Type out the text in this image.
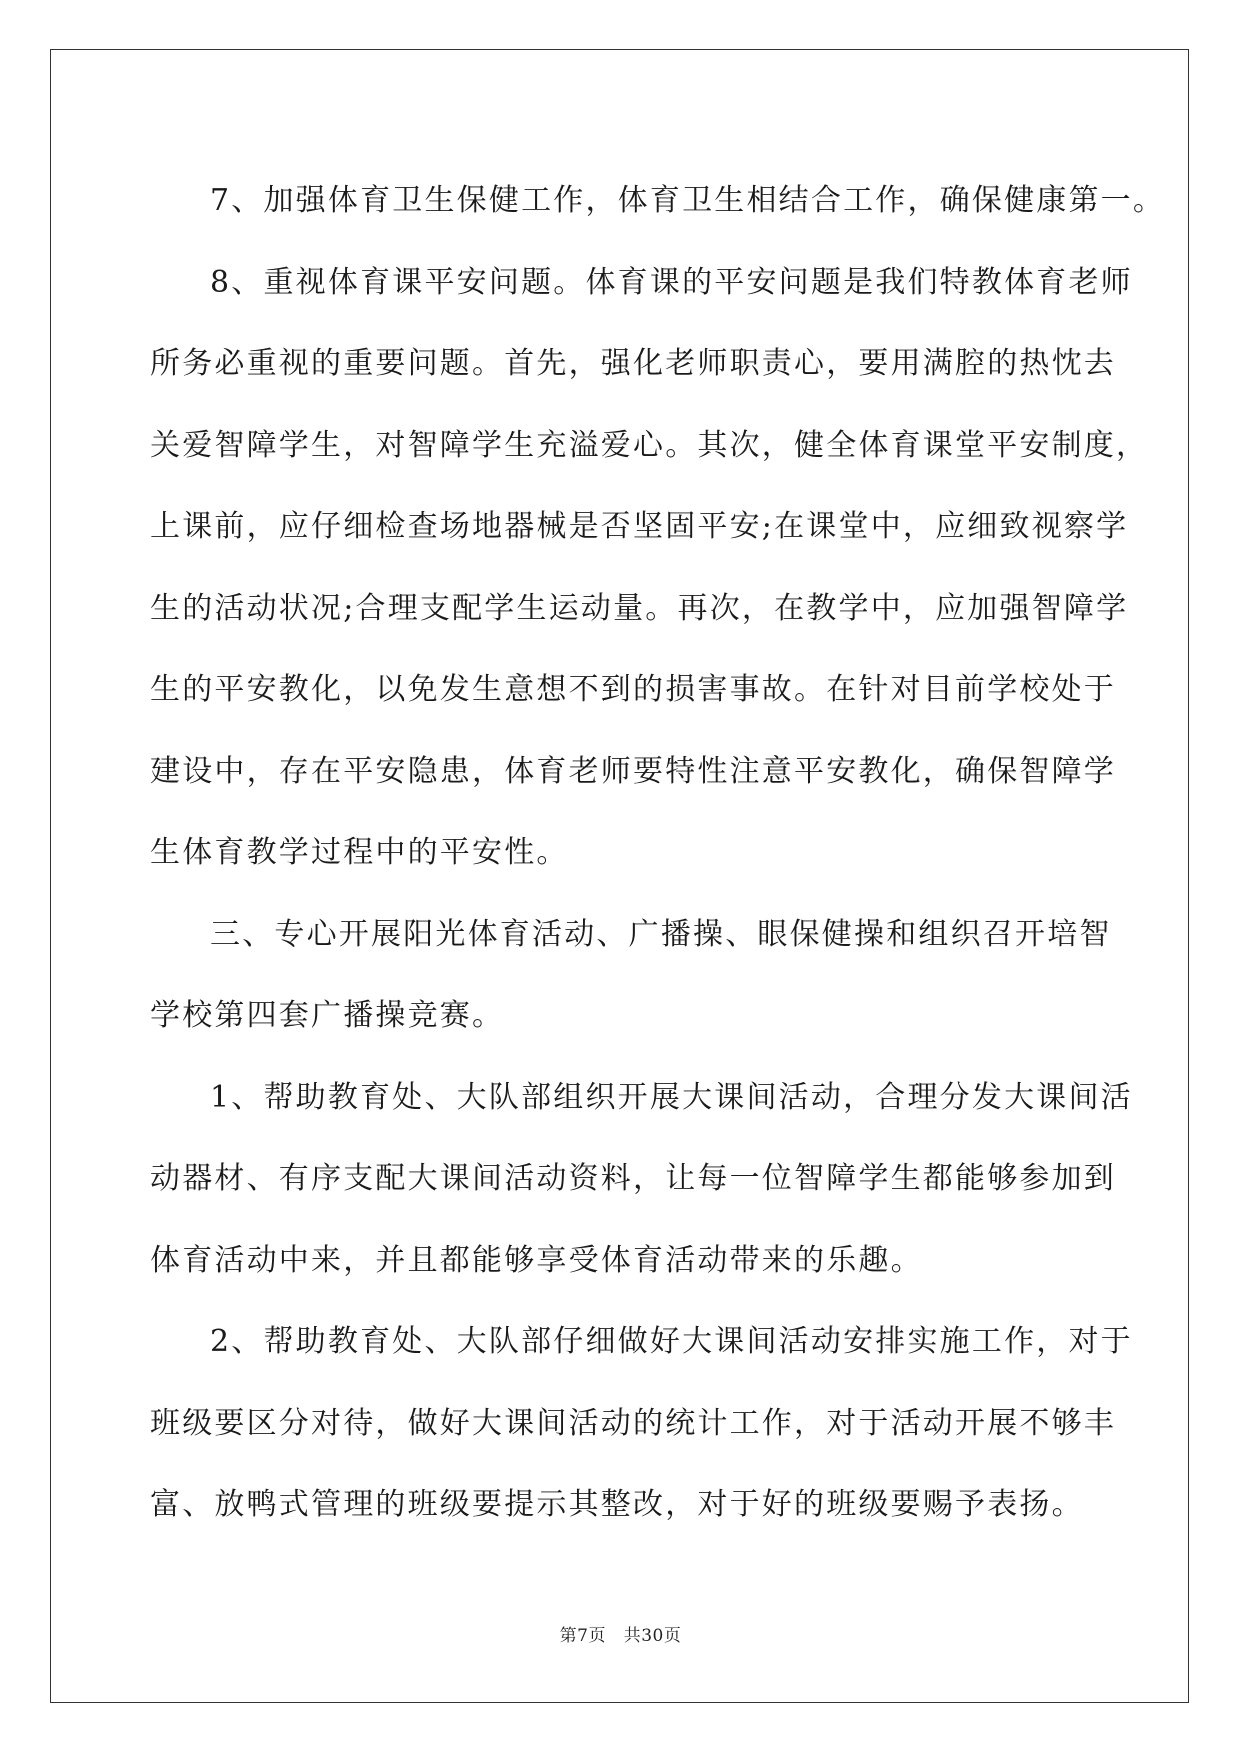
7、加强体育卫生保健工作，体育卫生相结合工作，确保健康第一。

8、重视体育课平安问题。体育课的平安问题是我们特教体育老师
所务必重视的重要问题。首先，强化老师职责心，要用满腔的热忱去
关爱智障学生，对智障学生充溢爱心。其次，健全体育课堂平安制度，
上课前，应仔细检查场地器械是否坚固平安;在课堂中，应细致视察学
生的活动状况;合理支配学生运动量。再次，在教学中，应加强智障学
生的平安教化，以免发生意想不到的损害事故。在针对目前学校处于
建设中，存在平安隐患，体育老师要特性注意平安教化，确保智障学
生体育教学过程中的平安性。

三、专心开展阳光体育活动、广播操、眼保健操和组织召开培智
学校第四套广播操竞赛。

1、帮助教育处、大队部组织开展大课间活动，合理分发大课间活
动器材、有序支配大课间活动资料，让每一位智障学生都能够参加到
体育活动中来，并且都能够享受体育活动带来的乐趣。

2、帮助教育处、大队部仔细做好大课间活动安排实施工作，对于
班级要区分对待，做好大课间活动的统计工作，对于活动开展不够丰
富、放鸭式管理的班级要提示其整改，对于好的班级要赐予表扬。

第7页 共30页
